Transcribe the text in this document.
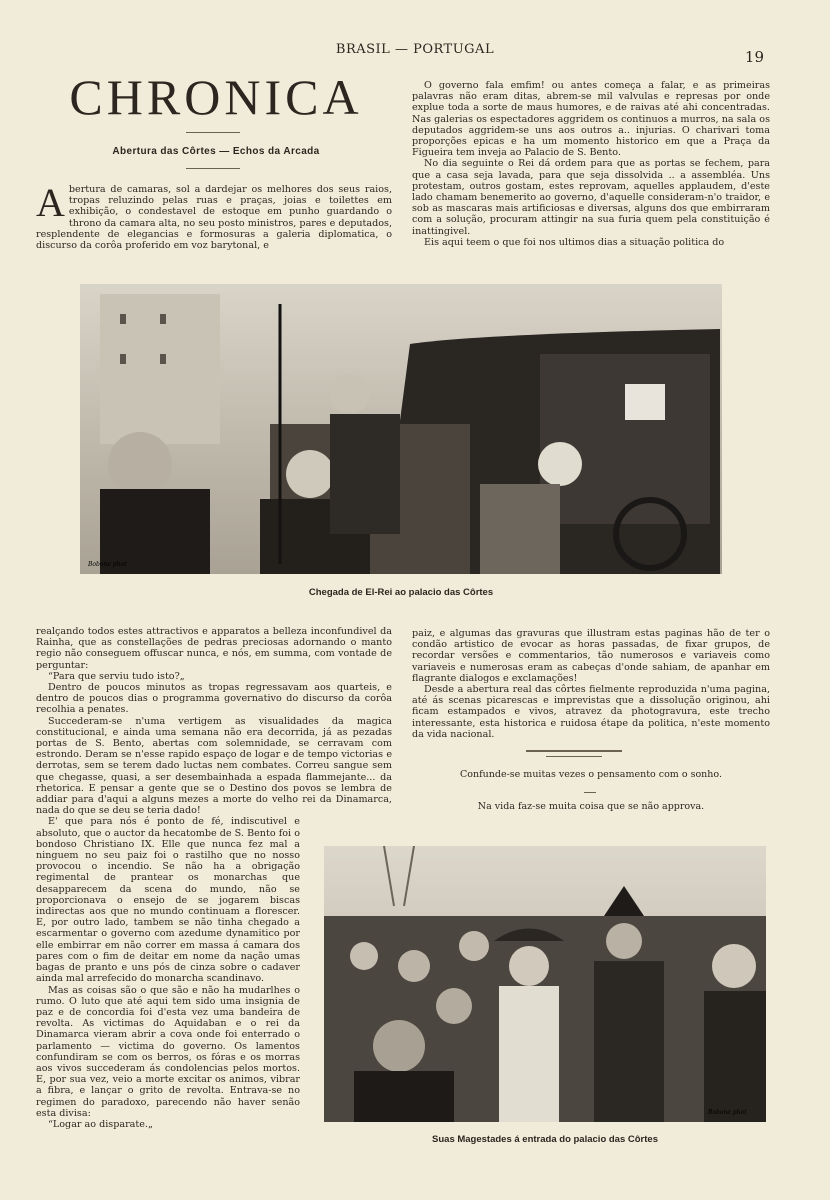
BRASIL — PORTUGAL	19
CHRONICA
Abertura das Côrtes — Echos da Arcada
Abertura de camaras, sol a dardejar os melhores dos seus raios, tropas reluzindo pelas ruas e praças, joias e toilettes em exhibição, o condestavel de estoque em punho guardando o throno da camara alta, no seu posto ministros, pares e deputados, resplendente de elegancias e formosuras a galeria diplomatica, o discurso da corôa proferido em voz barytonal, e

O governo fala emfim! ou antes começa a falar, e as primeiras palavras não eram ditas, abrem-se mil valvulas e represas por onde explue toda a sorte de maus humores, e de raivas até ahi concentradas. Nas galerias os espectadores aggridem os continuos a murros, na sala os deputados aggridem-se uns aos outros a.. injurias. O charivari toma proporções epicas e ha um momento historico em que a Praça da Figueira tem inveja ao Palacio de S. Bento.

No dia seguinte o Rei dá ordem para que as portas se fechem, para que a casa seja lavada, para que seja dissolvida .. a assembléa. Uns protestam, outros gostam, estes reprovam, aquelles applaudem, d'este lado chamam benemerito ao governo, d'aquelle consideram-n'o traidor, e sob as mascaras mais artificiosas e diversas, alguns dos que embirraram com a solução, procuram attingir na sua furia quem pela constituição é inattingivel.

Eis aqui teem o que foi nos ultimos dias a situação politica do

Bobone phot
Chegada de El-Rei ao palacio das Côrtes

realçando todos estes attractivos e apparatos a belleza inconfundivel da Rainha, que as constellações de pedras preciosas adornando o manto regio não conseguem offuscar nunca, e nós, em summa, com vontade de perguntar:

“Para que serviu tudo isto?„

Dentro de poucos minutos as tropas regressavam aos quarteis, e dentro de poucos dias o programma governativo do discurso da corôa recolhia a penates.

Succederam-se n'uma vertigem as visualidades da magica constitucional, e ainda uma semana não era decorrida, já as pezadas portas de S. Bento, abertas com solemnidade, se cerravam com estrondo. Deram se n'esse rapido espaço de logar e de tempo victorias e derrotas, sem se terem dado luctas nem combates. Correu sangue sem que chegasse, quasi, a ser desembainhada a espada flammejante... da rhetorica. E pensar a gente que se o Destino dos povos se lembra de addiar para d'aqui a alguns mezes a morte do velho rei da Dinamarca, nada do que se deu se teria dado!

E' que para nós é ponto de fé, indiscutivel e absoluto, que o auctor da hecatombe de S. Bento foi o bondoso Christiano IX. Elle que nunca fez mal a ninguem no seu paiz foi o rastilho que no nosso provocou o incendio. Se não ha a obrigação regimental de prantear os monarchas que desapparecem da scena do mundo, não se proporcionava o ensejo de se jogarem biscas indirectas aos que no mundo continuam a florescer. E, por outro lado, tambem se não tinha chegado a escarmentar o governo com azedume dynamitico por elle embirrar em não correr em massa á camara dos pares com o fim de deitar em nome da nação umas bagas de pranto e uns pós de cinza sobre o cadaver ainda mal arrefecido do monarcha scandinavo.

Mas as coisas são o que são e não ha mudarlhes o rumo. O luto que até aqui tem sido uma insignia de paz e de concordia foi d'esta vez uma bandeira de revolta. As victimas do Aquidaban e o rei da Dinamarca vieram abrir a cova onde foi enterrado o parlamento — victima do governo. Os lamentos confundiram se com os berros, os fóras e os morras aos vivos succederam ás condolencias pelos mortos. E, por sua vez, veio a morte excitar os animos, vibrar a fibra, e lançar o grito de revolta. Entrava-se no regimen do paradoxo, parecendo não haver senão esta divisa:

“Logar ao disparate.„

paiz, e algumas das gravuras que illustram estas paginas hão de ter o condão artistico de evocar as horas passadas, de fixar grupos, de recordar versões e commentarios, tão numerosos e variaveis como variaveis e numerosas eram as cabeças d'onde sahiam, de apanhar em flagrante dialogos e exclamações!

Desde a abertura real das côrtes fielmente reproduzida n'uma pagina, até ás scenas picarescas e imprevistas que a dissolução originou, ahi ficam estampados e vivos, atravez da photogravura, este trecho interessante, esta historica e ruidosa étape da politica, n'este momento da vida nacional.

Confunde-se muitas vezes o pensamento com o sonho.
Na vida faz-se muita coisa que se não approva.
Bobone phot
Suas Magestades á entrada do palacio das Côrtes
